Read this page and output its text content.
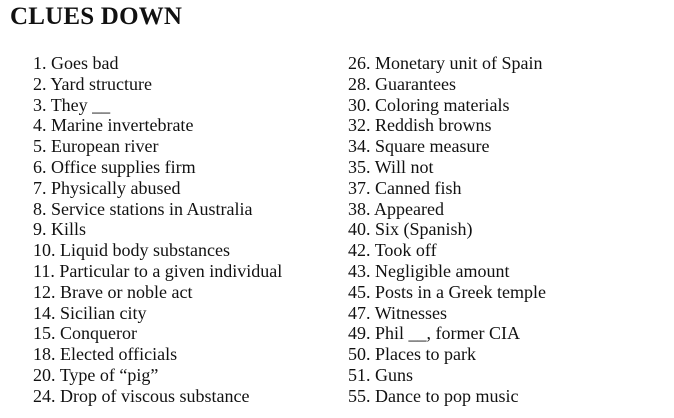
CLUES DOWN
1. Goes bad
2. Yard structure
3. They __
4. Marine invertebrate
5. European river
6. Office supplies firm
7. Physically abused
8. Service stations in Australia
9. Kills
10. Liquid body substances
11. Particular to a given individual
12. Brave or noble act
14. Sicilian city
15. Conqueror
18. Elected officials
20. Type of “pig”
24. Drop of viscous substance
26. Monetary unit of Spain
28. Guarantees
30. Coloring materials
32. Reddish browns
34. Square measure
35. Will not
37. Canned fish
38. Appeared
40. Six (Spanish)
42. Took off
43. Negligible amount
45. Posts in a Greek temple
47. Witnesses
49. Phil __, former CIA
50. Places to park
51. Guns
55. Dance to pop music
